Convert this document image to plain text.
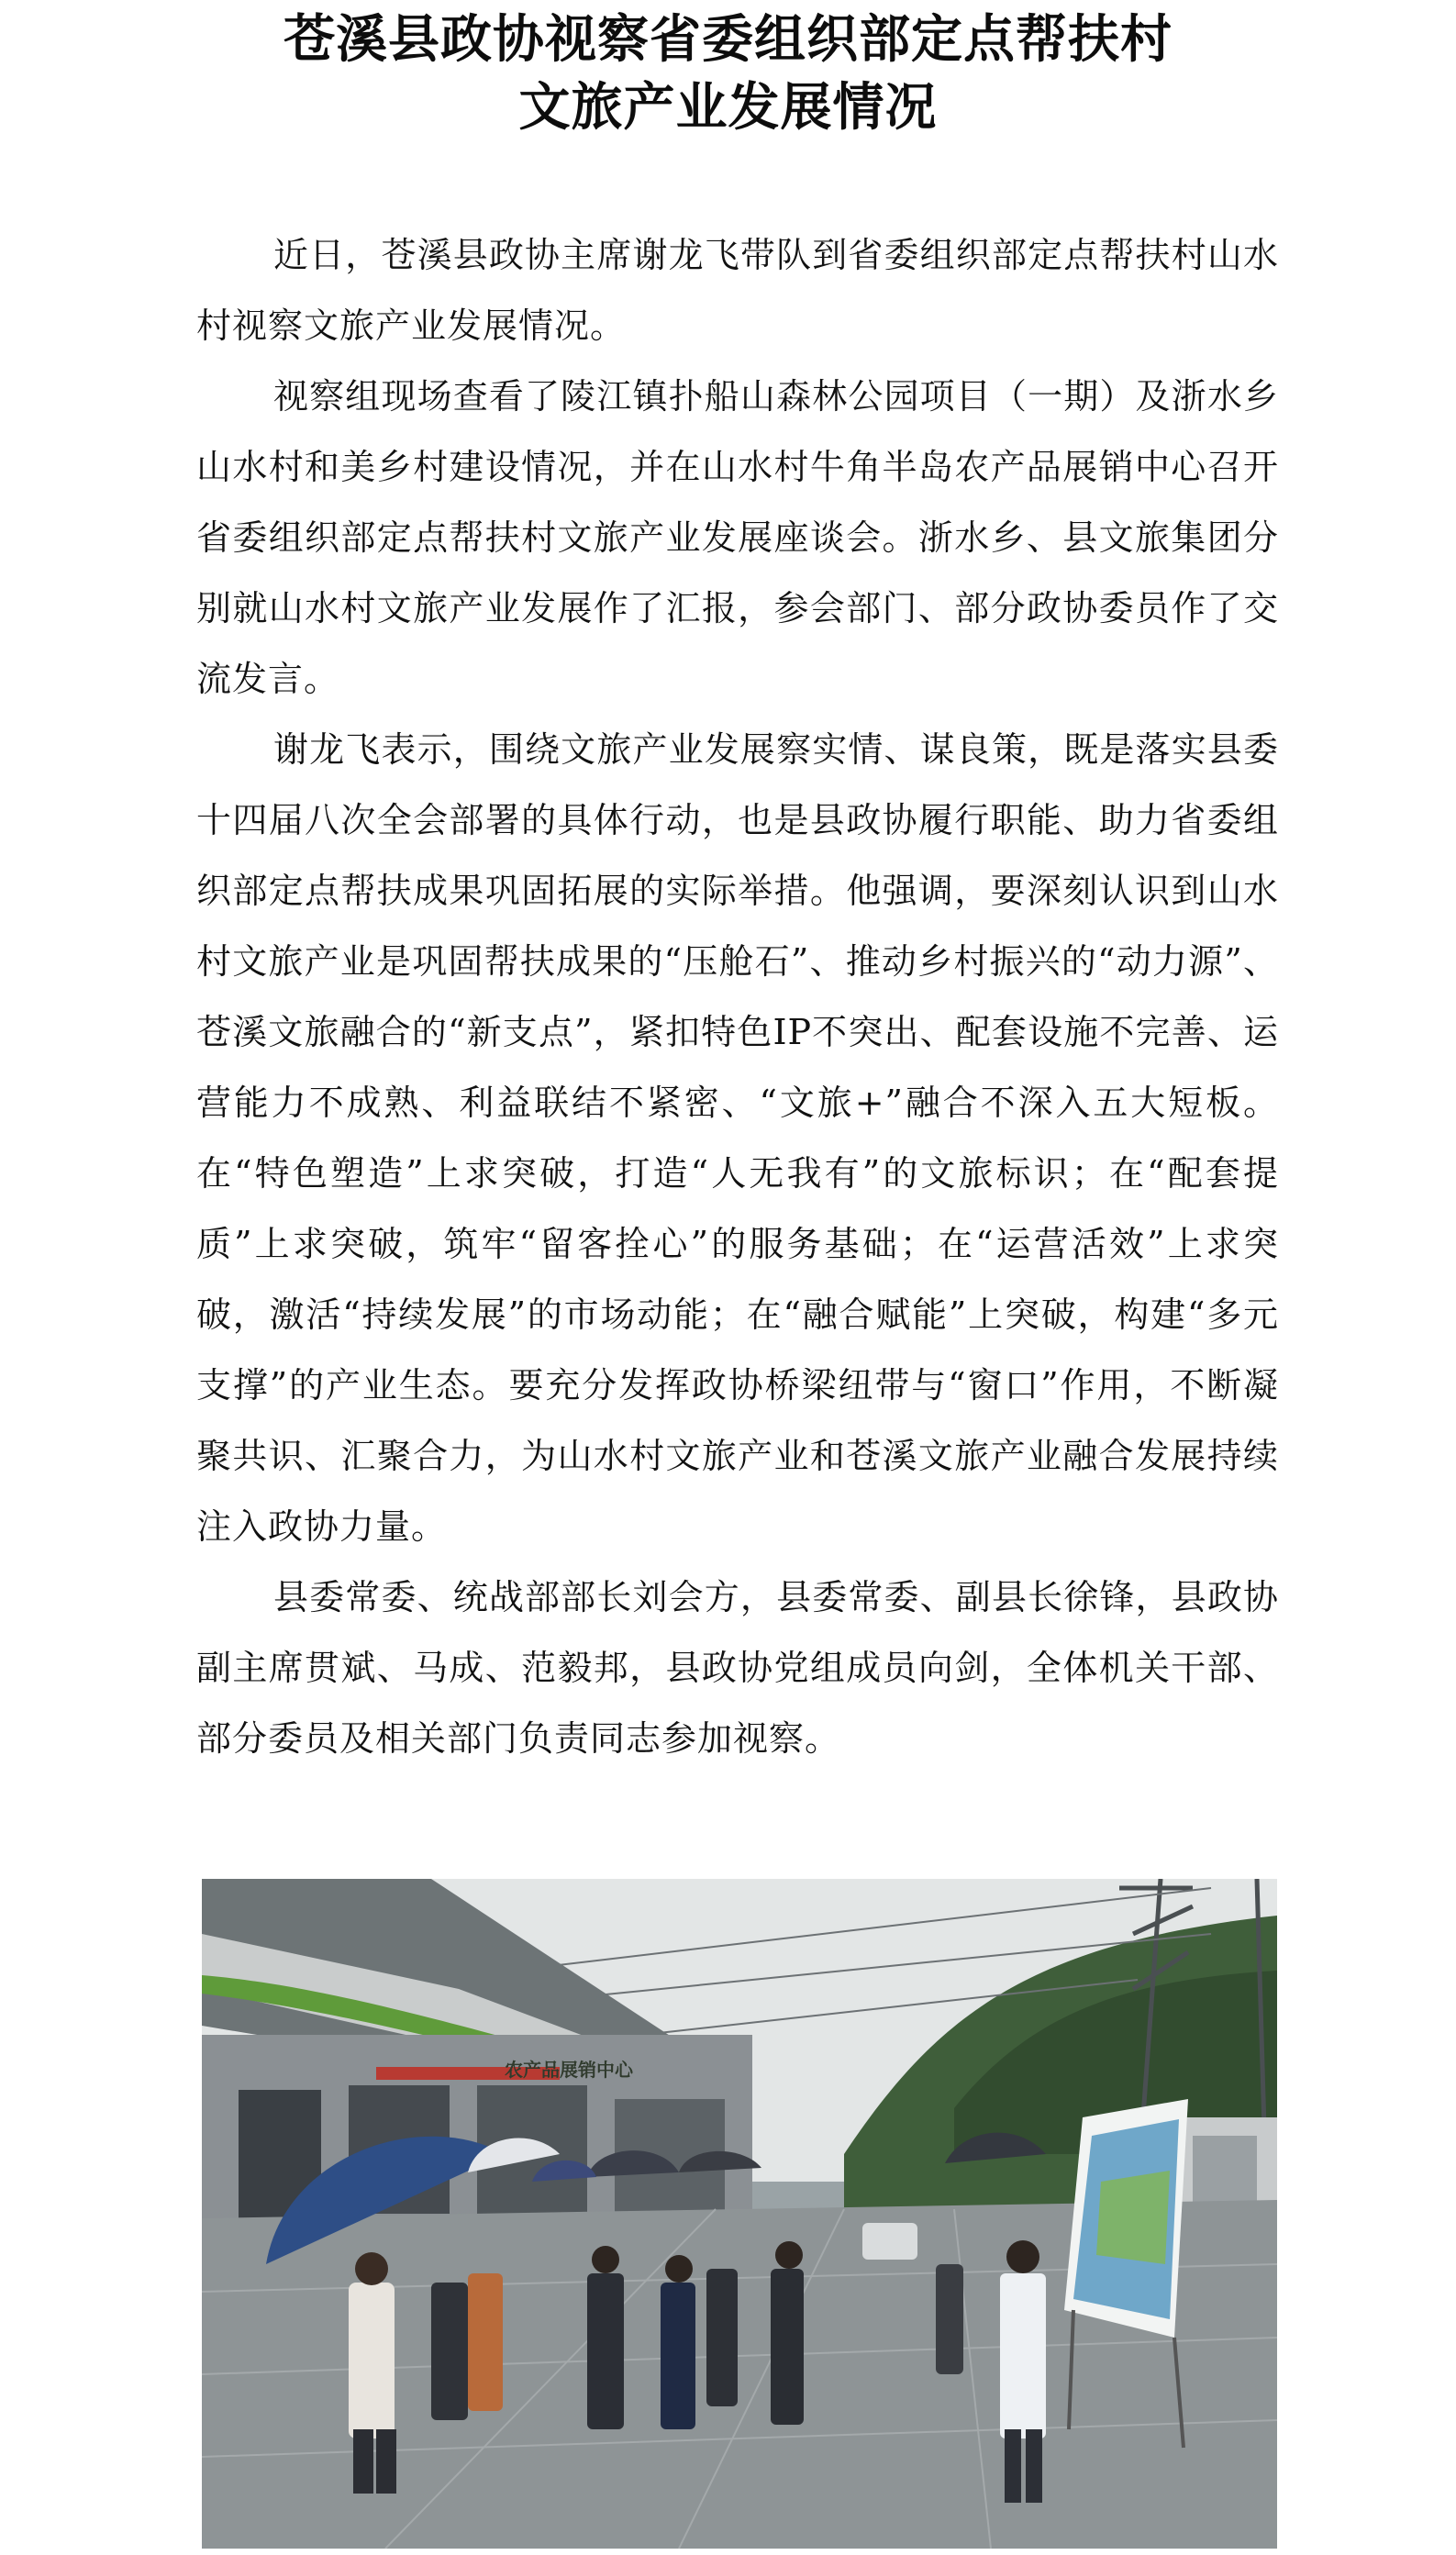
苍溪县政协视察省委组织部定点帮扶村
文旅产业发展情况

近日，苍溪县政协主席谢龙飞带队到省委组织部定点帮扶村山水村视察文旅产业发展情况。

视察组现场查看了陵江镇扑船山森林公园项目（一期）及浙水乡山水村和美乡村建设情况，并在山水村牛角半岛农产品展销中心召开省委组织部定点帮扶村文旅产业发展座谈会。浙水乡、县文旅集团分别就山水村文旅产业发展作了汇报，参会部门、部分政协委员作了交流发言。

谢龙飞表示，围绕文旅产业发展察实情、谋良策，既是落实县委十四届八次全会部署的具体行动，也是县政协履行职能、助力省委组织部定点帮扶成果巩固拓展的实际举措。他强调，要深刻认识到山水村文旅产业是巩固帮扶成果的“压舱石”、推动乡村振兴的“动力源”、苍溪文旅融合的“新支点”，紧扣特色IP不突出、配套设施不完善、运营能力不成熟、利益联结不紧密、“文旅+”融合不深入五大短板。在“特色塑造”上求突破，打造“人无我有”的文旅标识；在“配套提质”上求突破，筑牢“留客拴心”的服务基础；在“运营活效”上求突破，激活“持续发展”的市场动能；在“融合赋能”上突破，构建“多元支撑”的产业生态。要充分发挥政协桥梁纽带与“窗口”作用，不断凝聚共识、汇聚合力，为山水村文旅产业和苍溪文旅产业融合发展持续注入政协力量。

县委常委、统战部部长刘会方，县委常委、副县长徐锋，县政协副主席贯斌、马成、范毅邦，县政协党组成员向剑，全体机关干部、部分委员及相关部门负责同志参加视察。

农产品展销中心
